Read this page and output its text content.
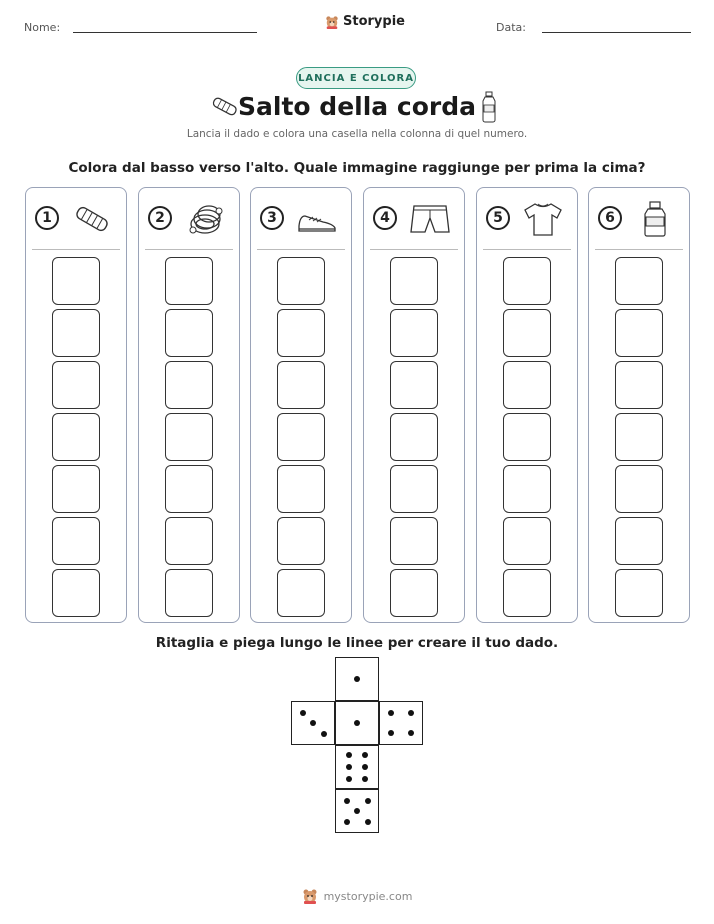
Nome:	Storypie	Data:
LANCIA E COLORA
Salto della corda
Lancia il dado e colora una casella nella colonna di quel numero.
Colora dal basso verso l'alto. Quale immagine raggiunge per prima la cima?
1	2	3	4	5	6
Ritaglia e piega lungo le linee per creare il tuo dado.
mystorypie.com
